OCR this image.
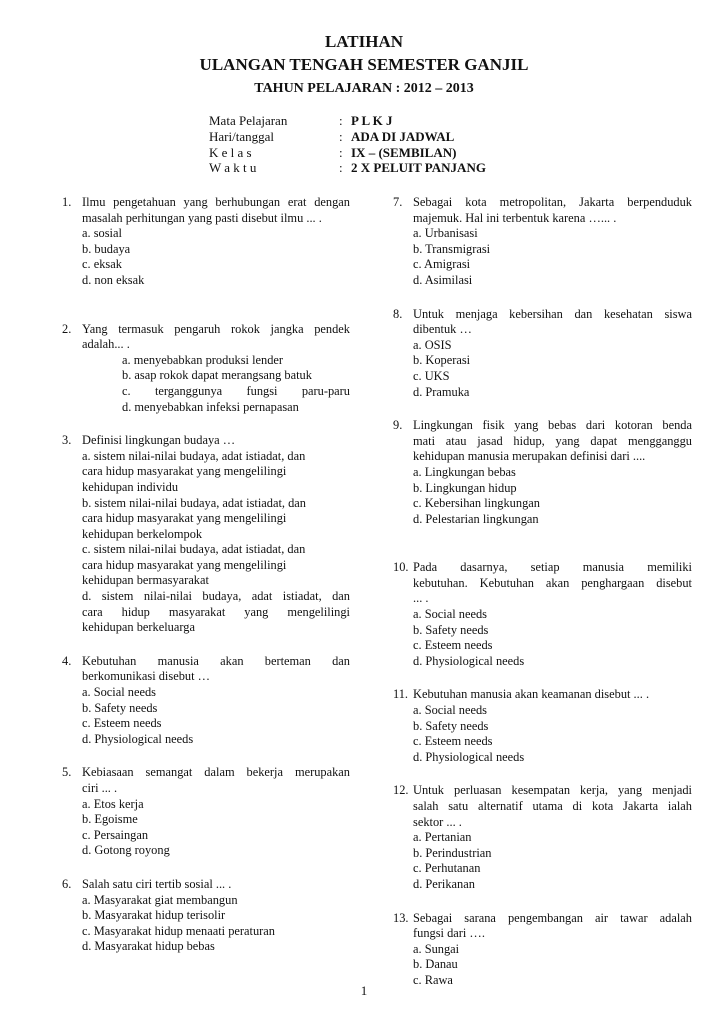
LATIHAN
ULANGAN TENGAH SEMESTER GANJIL
TAHUN PELAJARAN : 2012 – 2013
Mata Pelajaran	: P L K J
Hari/tanggal	: ADA DI JADWAL
K e l a s	: IX – (SEMBILAN)
W a k t u	: 2 X PELUIT PANJANG
1. Ilmu pengetahuan yang berhubungan erat dengan
masalah perhitungan yang pasti disebut ilmu ... .
a. sosial
b. budaya
c. eksak
d. non eksak
2. Yang termasuk pengaruh rokok jangka pendek
adalah... .
a. menyebabkan produksi lender
b. asap rokok dapat merangsang batuk
c. terganggunya fungsi paru-paru
d. menyebabkan infeksi pernapasan
3. Definisi lingkungan budaya …
a. sistem nilai-nilai budaya, adat istiadat, dan
cara hidup masyarakat yang mengelilingi
kehidupan individu
b. sistem nilai-nilai budaya, adat istiadat, dan
cara hidup masyarakat yang mengelilingi
kehidupan berkelompok
c. sistem nilai-nilai budaya, adat istiadat, dan
cara hidup masyarakat yang mengelilingi
kehidupan bermasyarakat
d. sistem nilai-nilai budaya, adat istiadat, dan
cara hidup masyarakat yang mengelilingi
kehidupan berkeluarga
4. Kebutuhan manusia akan berteman dan
berkomunikasi disebut …
a. Social needs
b. Safety needs
c. Esteem needs
d. Physiological needs
5. Kebiasaan semangat dalam bekerja merupakan
ciri ... .
a. Etos kerja
b. Egoisme
c. Persaingan
d. Gotong royong
6. Salah satu ciri tertib sosial ... .
a. Masyarakat giat membangun
b. Masyarakat hidup terisolir
c. Masyarakat hidup menaati peraturan
d. Masyarakat hidup bebas
7. Sebagai kota metropolitan, Jakarta berpenduduk
majemuk. Hal ini terbentuk karena …... .
a. Urbanisasi
b. Transmigrasi
c. Amigrasi
d. Asimilasi
8. Untuk menjaga kebersihan dan kesehatan siswa
dibentuk …
a. OSIS
b. Koperasi
c. UKS
d. Pramuka
9. Lingkungan fisik yang bebas dari kotoran benda
mati atau jasad hidup, yang dapat mengganggu
kehidupan manusia merupakan definisi dari ....
a. Lingkungan bebas
b. Lingkungan hidup
c. Kebersihan lingkungan
d. Pelestarian lingkungan
10. Pada dasarnya, setiap manusia memiliki
kebutuhan. Kebutuhan akan penghargaan disebut
... .
a. Social needs
b. Safety needs
c. Esteem needs
d. Physiological needs
11. Kebutuhan manusia akan keamanan disebut ... .
a. Social needs
b. Safety needs
c. Esteem needs
d. Physiological needs
12. Untuk perluasan kesempatan kerja, yang menjadi
salah satu alternatif utama di kota Jakarta ialah
sektor ... .
a. Pertanian
b. Perindustrian
c. Perhutanan
d. Perikanan
13. Sebagai sarana pengembangan air tawar adalah
fungsi dari ….
a. Sungai
b. Danau
c. Rawa
1
